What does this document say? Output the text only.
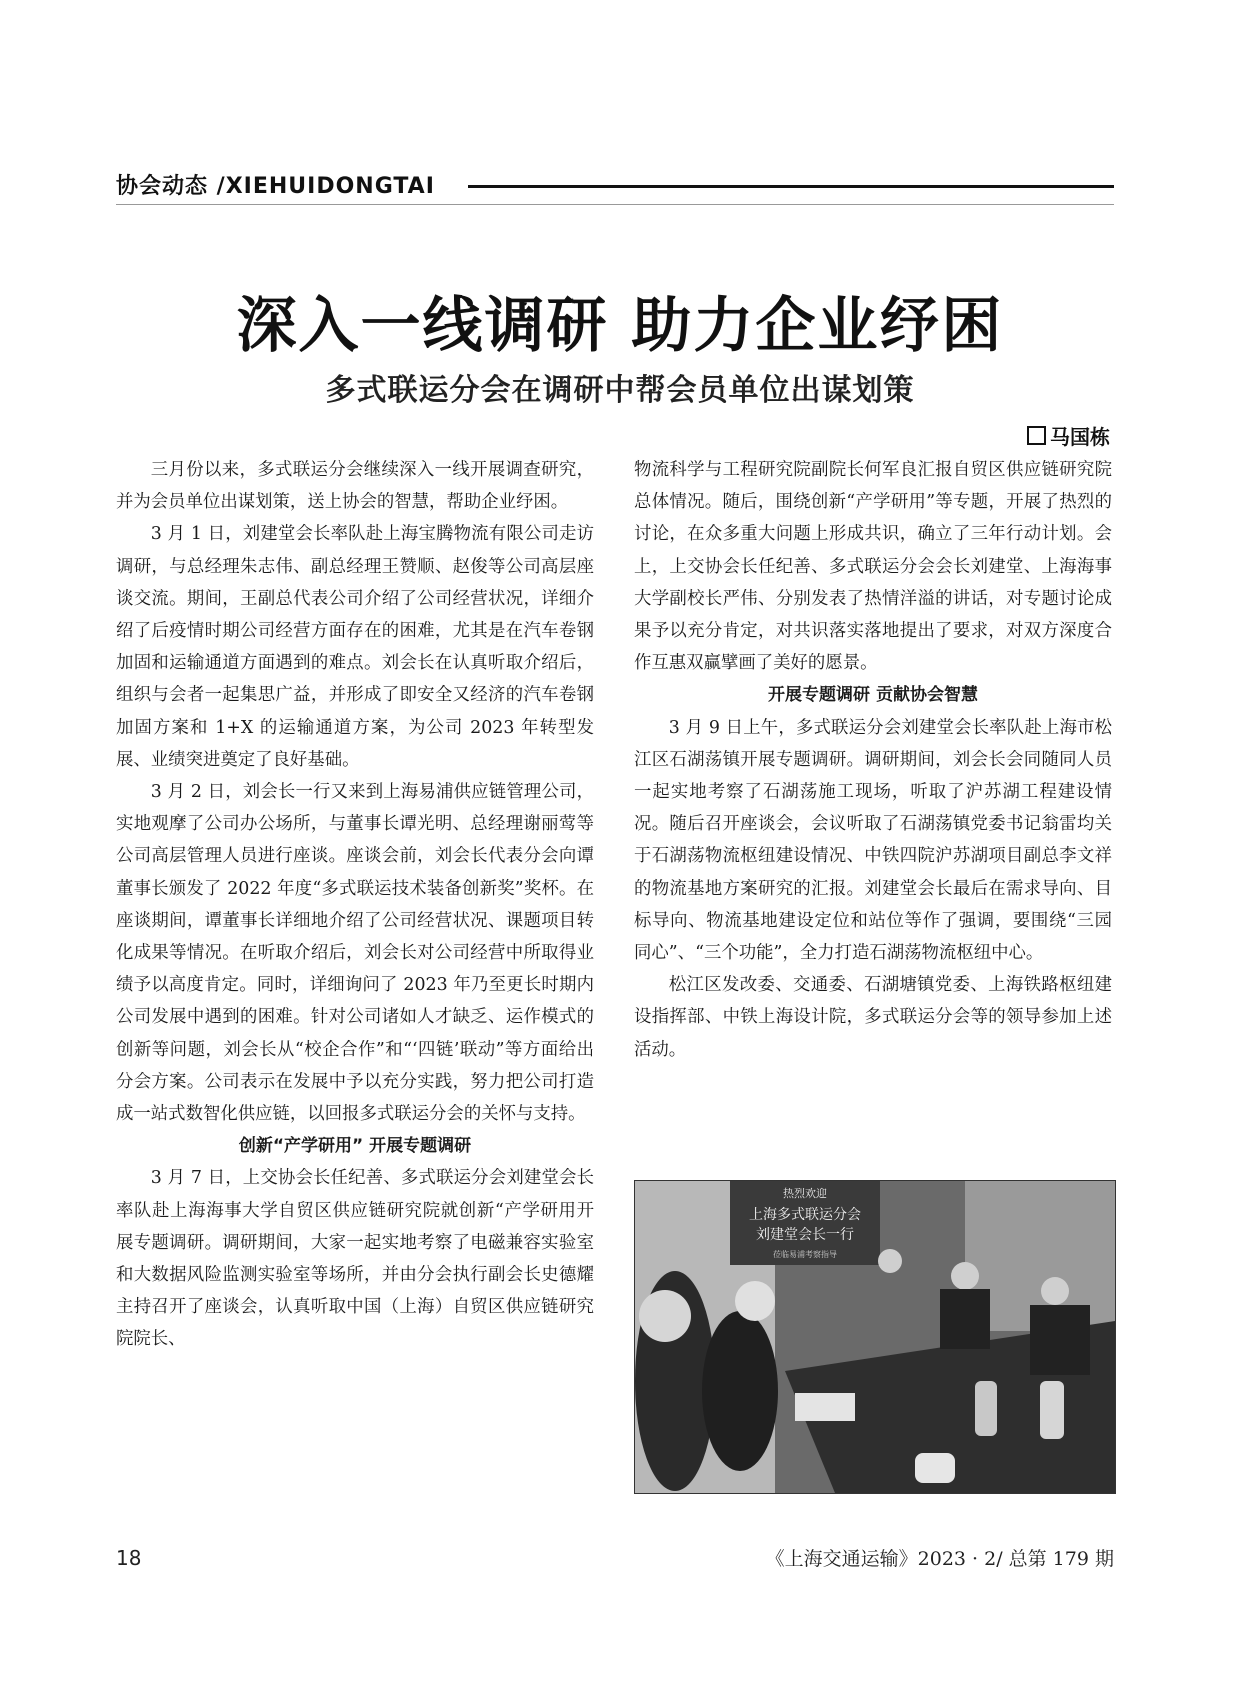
协会动态 /XIEHUIDONGTAI
深入一线调研 助力企业纾困
多式联运分会在调研中帮会员单位出谋划策
马国栋

三月份以来，多式联运分会继续深入一线开展调查研究，并为会员单位出谋划策，送上协会的智慧，帮助企业纾困。

3 月 1 日，刘建堂会长率队赴上海宝腾物流有限公司走访调研，与总经理朱志伟、副总经理王赞顺、赵俊等公司高层座谈交流。期间，王副总代表公司介绍了公司经营状况，详细介绍了后疫情时期公司经营方面存在的困难，尤其是在汽车卷钢加固和运输通道方面遇到的难点。刘会长在认真听取介绍后，组织与会者一起集思广益，并形成了即安全又经济的汽车卷钢加固方案和 1+X 的运输通道方案，为公司 2023 年转型发展、业绩突进奠定了良好基础。

3 月 2 日，刘会长一行又来到上海易浦供应链管理公司，实地观摩了公司办公场所，与董事长谭光明、总经理谢丽莺等公司高层管理人员进行座谈。座谈会前，刘会长代表分会向谭董事长颁发了 2022 年度“多式联运技术装备创新奖”奖杯。在座谈期间，谭董事长详细地介绍了公司经营状况、课题项目转化成果等情况。在听取介绍后，刘会长对公司经营中所取得业绩予以高度肯定。同时，详细询问了 2023 年乃至更长时期内公司发展中遇到的困难。针对公司诸如人才缺乏、运作模式的创新等问题，刘会长从“校企合作”和“‘四链’联动”等方面给出分会方案。公司表示在发展中予以充分实践，努力把公司打造成一站式数智化供应链，以回报多式联运分会的关怀与支持。

创新“产学研用” 开展专题调研

3 月 7 日，上交协会长任纪善、多式联运分会刘建堂会长率队赴上海海事大学自贸区供应链研究院就创新“产学研用开展专题调研。调研期间，大家一起实地考察了电磁兼容实验室和大数据风险监测实验室等场所，并由分会执行副会长史德耀主持召开了座谈会，认真听取中国（上海）自贸区供应链研究院院长、

物流科学与工程研究院副院长何军良汇报自贸区供应链研究院总体情况。随后，围绕创新“产学研用”等专题，开展了热烈的讨论，在众多重大问题上形成共识，确立了三年行动计划。会上，上交协会长任纪善、多式联运分会会长刘建堂、上海海事大学副校长严伟、分别发表了热情洋溢的讲话，对专题讨论成果予以充分肯定，对共识落实落地提出了要求，对双方深度合作互惠双赢擘画了美好的愿景。

开展专题调研 贡献协会智慧

3 月 9 日上午，多式联运分会刘建堂会长率队赴上海市松江区石湖荡镇开展专题调研。调研期间，刘会长会同随同人员一起实地考察了石湖荡施工现场，听取了沪苏湖工程建设情况。随后召开座谈会，会议听取了石湖荡镇党委书记翁雷均关于石湖荡物流枢纽建设情况、中铁四院沪苏湖项目副总李文祥的物流基地方案研究的汇报。刘建堂会长最后在需求导向、目标导向、物流基地建设定位和站位等作了强调，要围绕“三园同心”、“三个功能”，全力打造石湖荡物流枢纽中心。

松江区发改委、交通委、石湖塘镇党委、上海铁路枢纽建设指挥部、中铁上海设计院，多式联运分会等的领导参加上述活动。

热烈欢迎
上海多式联运分会
刘建堂会长一行
莅临易浦考察指导
18	《上海交通运输》2023 · 2/ 总第 179 期
